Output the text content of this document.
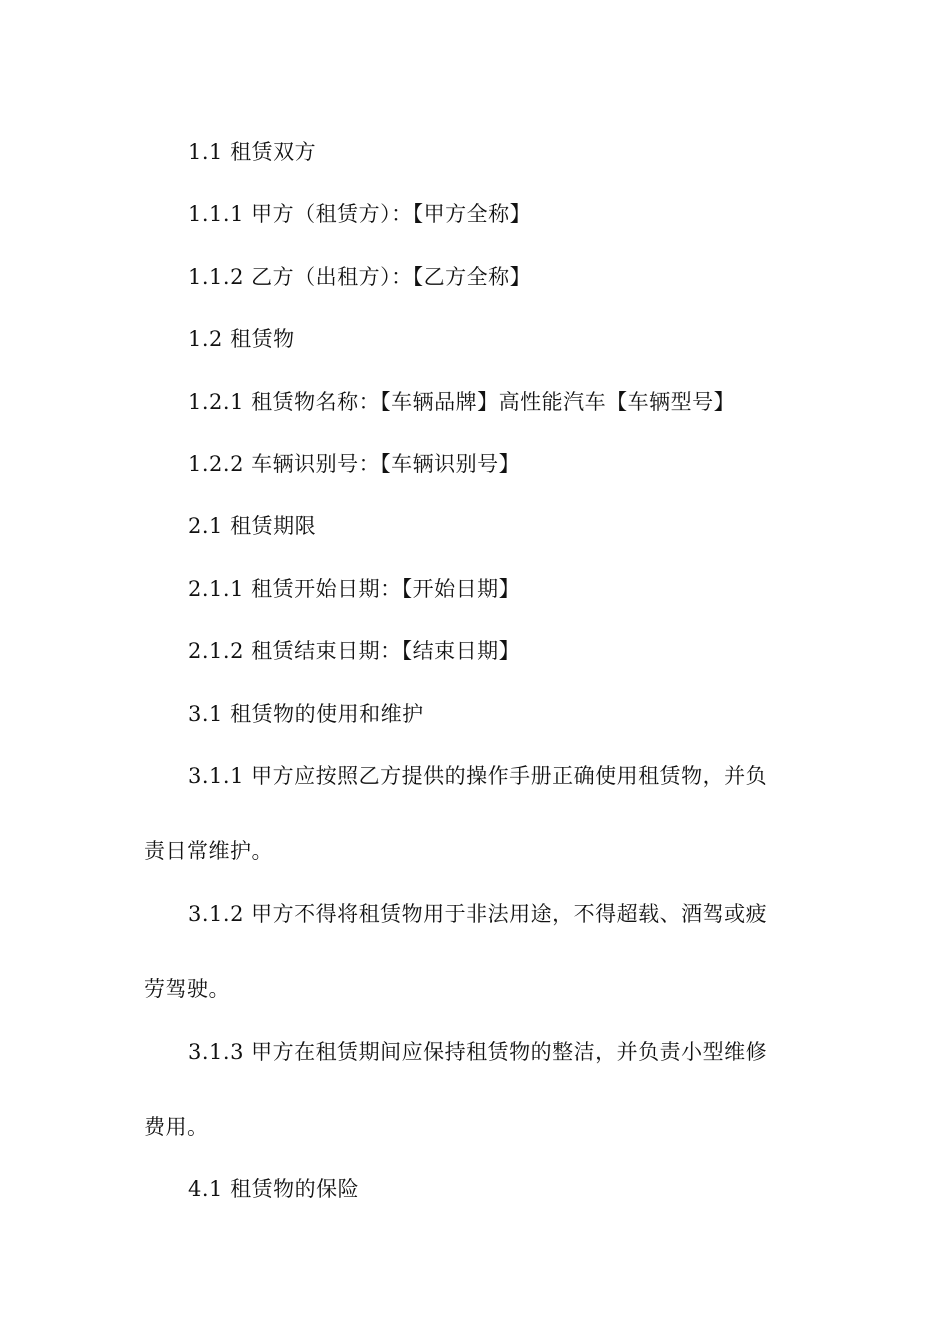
1.1 租赁双方
1.1.1 甲方（租赁方）：【甲方全称】
1.1.2 乙方（出租方）：【乙方全称】
1.2 租赁物
1.2.1 租赁物名称：【车辆品牌】高性能汽车【车辆型号】
1.2.2 车辆识别号：【车辆识别号】
2.1 租赁期限
2.1.1 租赁开始日期：【开始日期】
2.1.2 租赁结束日期：【结束日期】
3.1 租赁物的使用和维护
3.1.1 甲方应按照乙方提供的操作手册正确使用租赁物，并负
责日常维护。
3.1.2 甲方不得将租赁物用于非法用途，不得超载、酒驾或疲
劳驾驶。
3.1.3 甲方在租赁期间应保持租赁物的整洁，并负责小型维修
费用。
4.1 租赁物的保险
